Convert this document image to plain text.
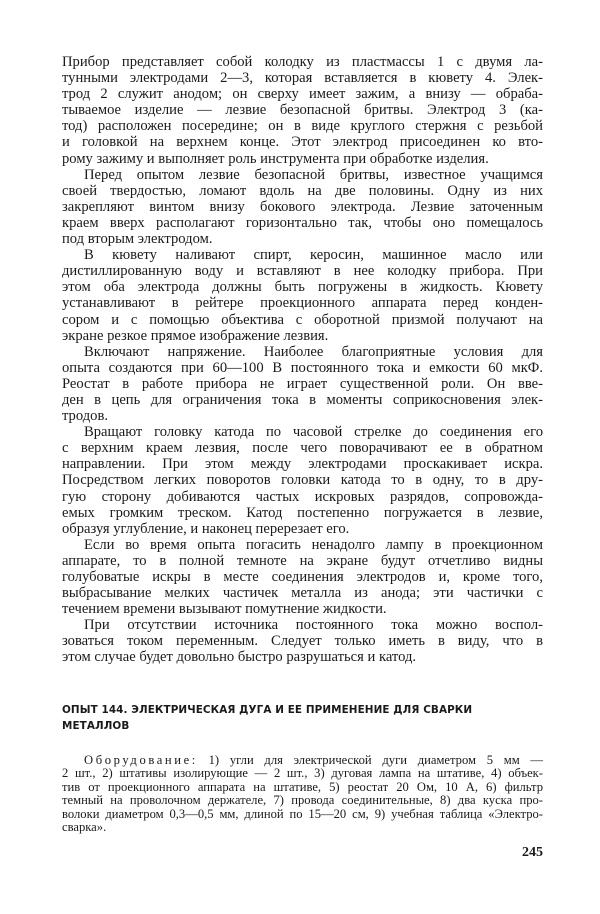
Прибор представляет собой колодку из пластмассы 1 с двумя ла-
тунными электродами 2—3, которая вставляется в кювету 4. Элек-
трод 2 служит анодом; он сверху имеет зажим, а внизу — обраба-
тываемое изделие — лезвие безопасной бритвы. Электрод 3 (ка-
тод) расположен посередине; он в виде круглого стержня с резьбой
и головкой на верхнем конце. Этот электрод присоединен ко вто-
рому зажиму и выполняет роль инструмента при обработке изделия.
Перед опытом лезвие безопасной бритвы, известное учащимся
своей твердостью, ломают вдоль на две половины. Одну из них
закрепляют винтом внизу бокового электрода. Лезвие заточенным
краем вверх располагают горизонтально так, чтобы оно помещалось
под вторым электродом.
В кювету наливают спирт, керосин, машинное масло или
дистиллированную воду и вставляют в нее колодку прибора. При
этом оба электрода должны быть погружены в жидкость. Кювету
устанавливают в рейтере проекционного аппарата перед конден-
сором и с помощью объектива с оборотной призмой получают на
экране резкое прямое изображение лезвия.
Включают напряжение. Наиболее благоприятные условия для
опыта создаются при 60—100 В постоянного тока и емкости 60 мкФ.
Реостат в работе прибора не играет существенной роли. Он вве-
ден в цепь для ограничения тока в моменты соприкосновения элек-
тродов.
Вращают головку катода по часовой стрелке до соединения его
с верхним краем лезвия, после чего поворачивают ее в обратном
направлении. При этом между электродами проскакивает искра.
Посредством легких поворотов головки катода то в одну, то в дру-
гую сторону добиваются частых искровых разрядов, сопровожда-
емых громким треском. Катод постепенно погружается в лезвие,
образуя углубление, и наконец перерезает его.
Если во время опыта погасить ненадолго лампу в проекционном
аппарате, то в полной темноте на экране будут отчетливо видны
голубоватые искры в месте соединения электродов и, кроме того,
выбрасывание мелких частичек металла из анода; эти частички с
течением времени вызывают помутнение жидкости.
При отсутствии источника постоянного тока можно воспол-
зоваться током переменным. Следует только иметь в виду, что в
этом случае будет довольно быстро разрушаться и катод.
ОПЫТ 144. ЭЛЕКТРИЧЕСКАЯ ДУГА И ЕЕ ПРИМЕНЕНИЕ ДЛЯ СВАРКИ
МЕТАЛЛОВ
Оборудование: 1) угли для электрической дуги диаметром 5 мм —
2 шт., 2) штативы изолирующие — 2 шт., 3) дуговая лампа на штативе, 4) объек-
тив от проекционного аппарата на штативе, 5) реостат 20 Ом, 10 А, 6) фильтр
темный на проволочном держателе, 7) провода соединительные, 8) два куска про-
волоки диаметром 0,3—0,5 мм, длиной по 15—20 см, 9) учебная таблица «Электро-
сварка».
245
